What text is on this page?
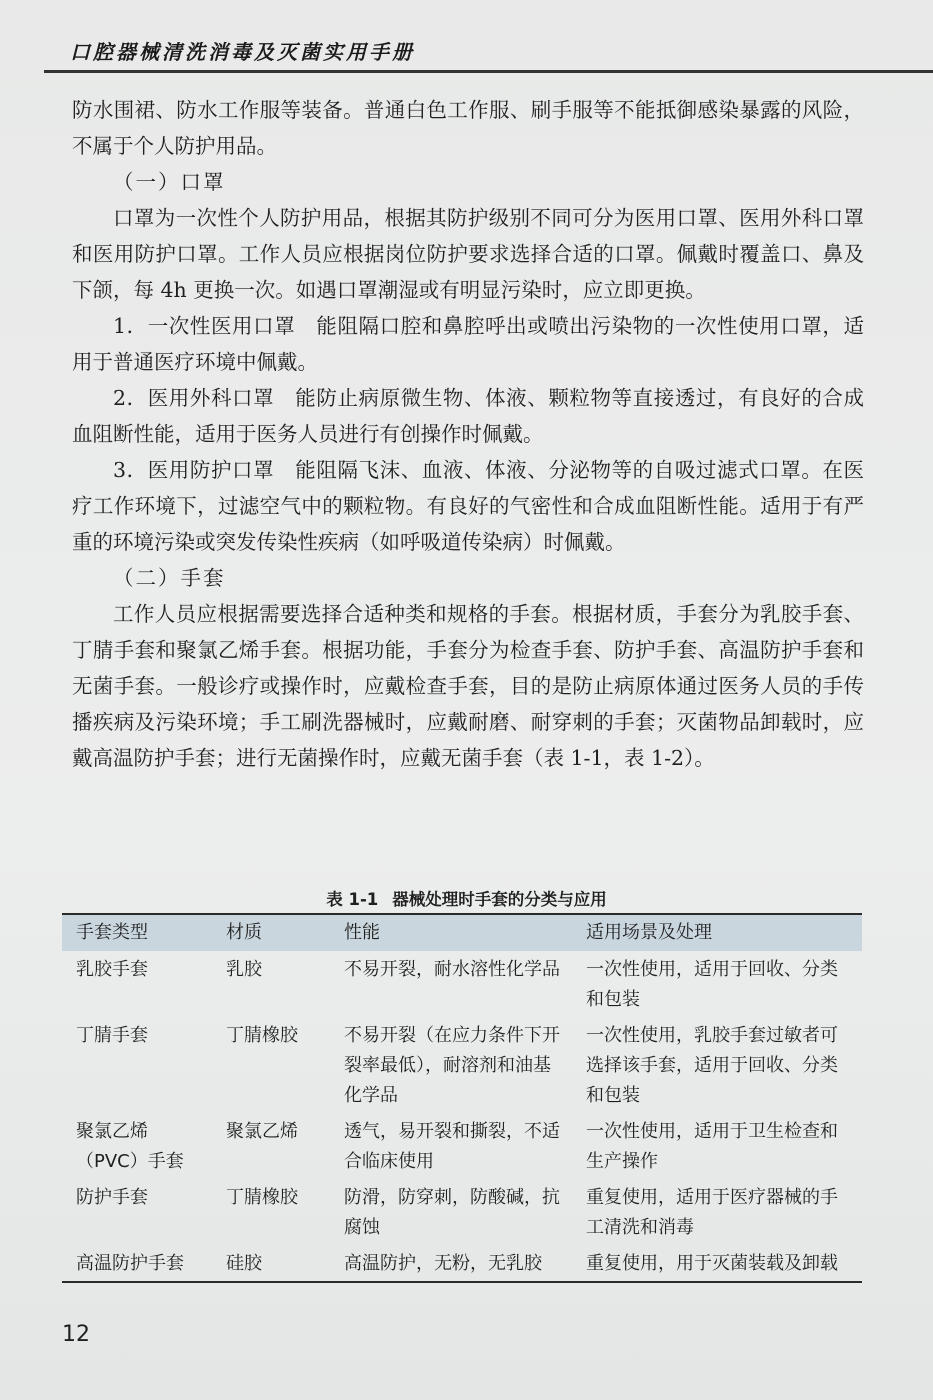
口腔器械清洗消毒及灭菌实用手册

防水围裙、防水工作服等装备。普通白色工作服、刷手服等不能抵御感染暴露的风险，不属于个人防护用品。

（一）口罩

口罩为一次性个人防护用品，根据其防护级别不同可分为医用口罩、医用外科口罩和医用防护口罩。工作人员应根据岗位防护要求选择合适的口罩。佩戴时覆盖口、鼻及下颌，每 4h 更换一次。如遇口罩潮湿或有明显污染时，应立即更换。

1．一次性医用口罩　能阻隔口腔和鼻腔呼出或喷出污染物的一次性使用口罩，适用于普通医疗环境中佩戴。

2．医用外科口罩　能防止病原微生物、体液、颗粒物等直接透过，有良好的合成血阻断性能，适用于医务人员进行有创操作时佩戴。

3．医用防护口罩　能阻隔飞沫、血液、体液、分泌物等的自吸过滤式口罩。在医疗工作环境下，过滤空气中的颗粒物。有良好的气密性和合成血阻断性能。适用于有严重的环境污染或突发传染性疾病（如呼吸道传染病）时佩戴。

（二）手套

工作人员应根据需要选择合适种类和规格的手套。根据材质，手套分为乳胶手套、丁腈手套和聚氯乙烯手套。根据功能，手套分为检查手套、防护手套、高温防护手套和无菌手套。一般诊疗或操作时，应戴检查手套，目的是防止病原体通过医务人员的手传播疾病及污染环境；手工刷洗器械时，应戴耐磨、耐穿刺的手套；灭菌物品卸载时，应戴高温防护手套；进行无菌操作时，应戴无菌手套（表 1-1，表 1-2）。

表 1-1 器械处理时手套的分类与应用
手套类型	材质	性能	适用场景及处理
乳胶手套	乳胶	不易开裂，耐水溶性化学品	一次性使用，适用于回收、分类和包装
丁腈手套	丁腈橡胶	不易开裂（在应力条件下开裂率最低），耐溶剂和油基化学品	一次性使用，乳胶手套过敏者可选择该手套，适用于回收、分类和包装
聚氯乙烯（PVC）手套	聚氯乙烯	透气，易开裂和撕裂，不适合临床使用	一次性使用，适用于卫生检查和生产操作
防护手套	丁腈橡胶	防滑，防穿刺，防酸碱，抗腐蚀	重复使用，适用于医疗器械的手工清洗和消毒
高温防护手套	硅胶	高温防护，无粉，无乳胶	重复使用，用于灭菌装载及卸载
12
